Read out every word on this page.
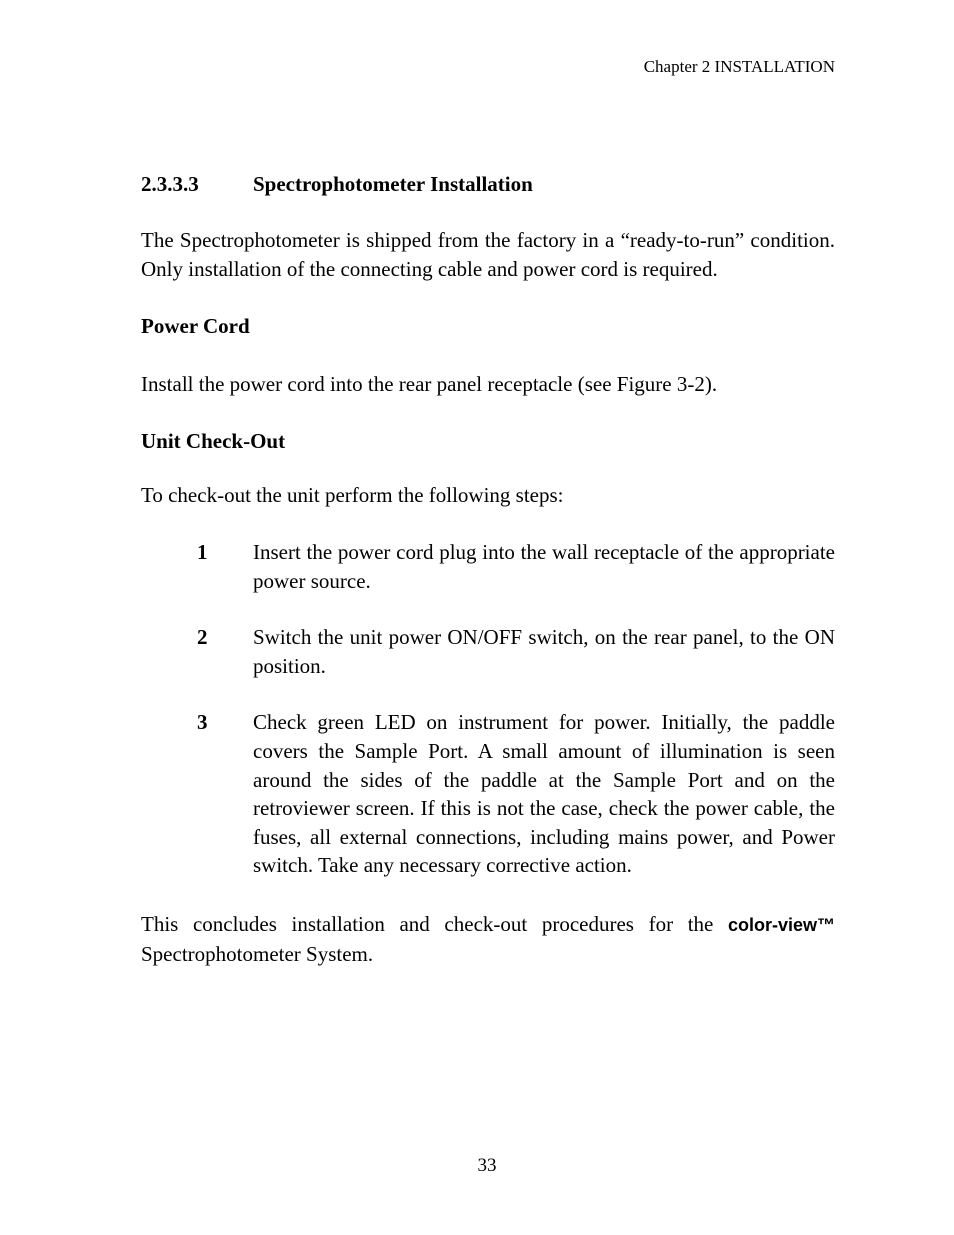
Chapter 2 INSTALLATION
2.3.3.3	Spectrophotometer Installation

The Spectrophotometer is shipped from the factory in a “ready-to-run” condition. Only installation of the connecting cable and power cord is required.

Power Cord

Install the power cord into the rear panel receptacle (see Figure 3-2).

Unit Check-Out

To check-out the unit perform the following steps:

1	Insert the power cord plug into the wall receptacle of the appropriate power source.
2	Switch the unit power ON/OFF switch, on the rear panel, to the ON position.
3	Check green LED on instrument for power. Initially, the paddle covers the Sample Port. A small amount of illumination is seen around the sides of the paddle at the Sample Port and on the retroviewer screen. If this is not the case, check the power cable, the fuses, all external connections, including mains power, and Power switch. Take any necessary corrective action.

This concludes installation and check-out procedures for the color-view™ Spectrophotometer System.

33
